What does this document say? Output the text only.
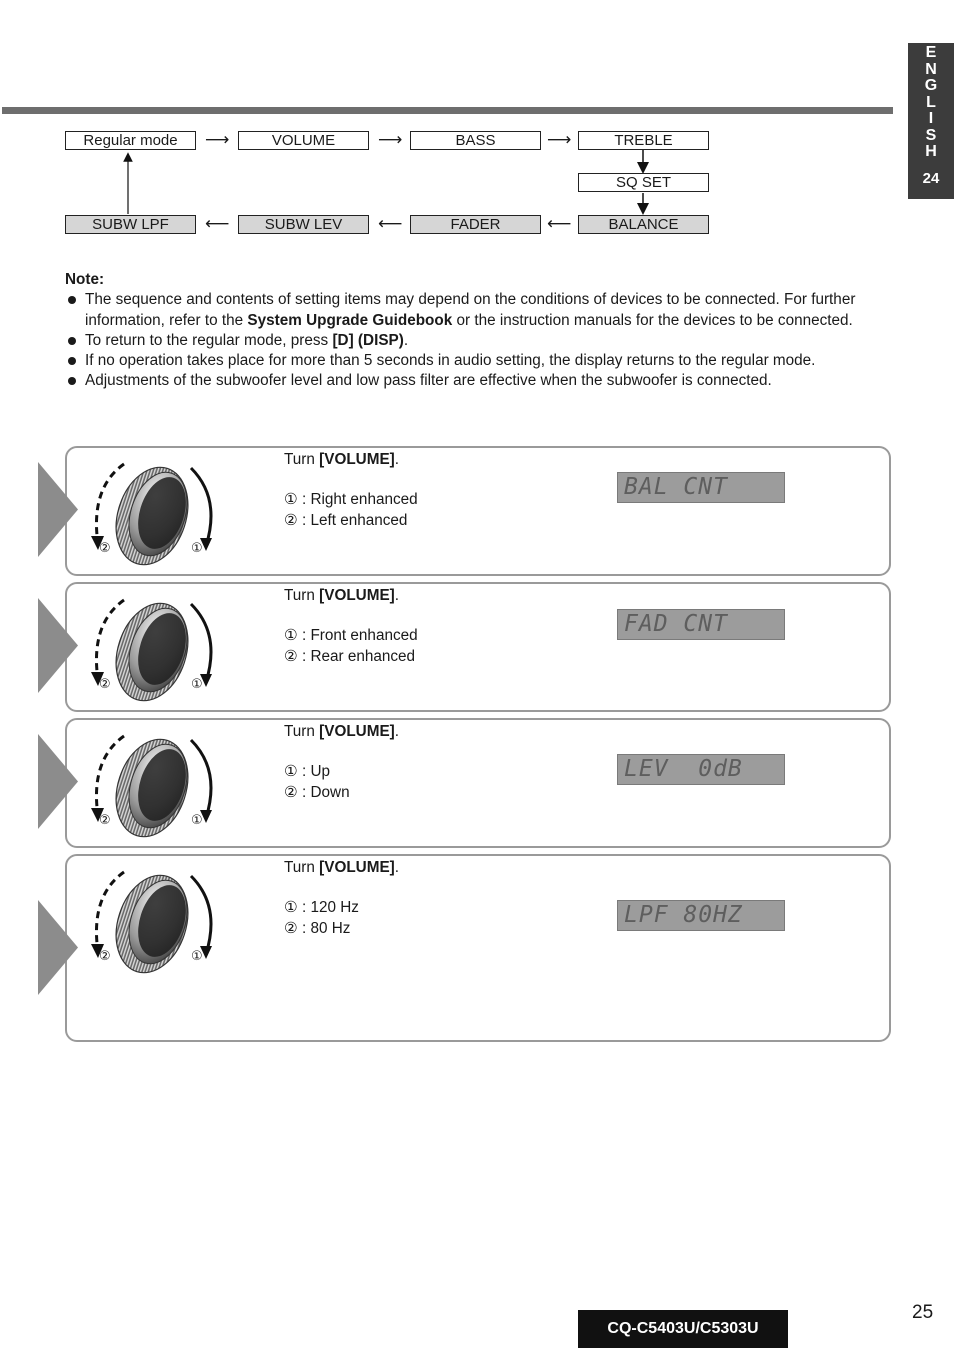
E
N
G
L
I
S
H
24
Regular mode	⟶	VOLUME	⟶	BASS	⟶	TREBLE
SQ SET
SUBW LPF	⟵	SUBW LEV	⟵	FADER	⟵	BALANCE
Note:
The sequence and contents of setting items may depend on the conditions of devices to be connected. For further information, refer to the System Upgrade Guidebook or the instruction manuals for the devices to be connected.
To return to the regular mode, press [D] (DISP).
If no operation takes place for more than 5 seconds in audio setting, the display returns to the regular mode.
Adjustments of the subwoofer level and low pass filter are effective when the subwoofer is connected.
CQ-C5403U/C5303U
25
②	①
Turn [VOLUME].
① : Right enhanced
② : Left enhanced
BAL CNT
②	①
Turn [VOLUME].
① : Front enhanced
② : Rear enhanced
FAD CNT
②	①
Turn [VOLUME].
① : Up
② : Down
LEV  0dB
②	①
Turn [VOLUME].
① : 120 Hz
② : 80 Hz
LPF 80HZ
